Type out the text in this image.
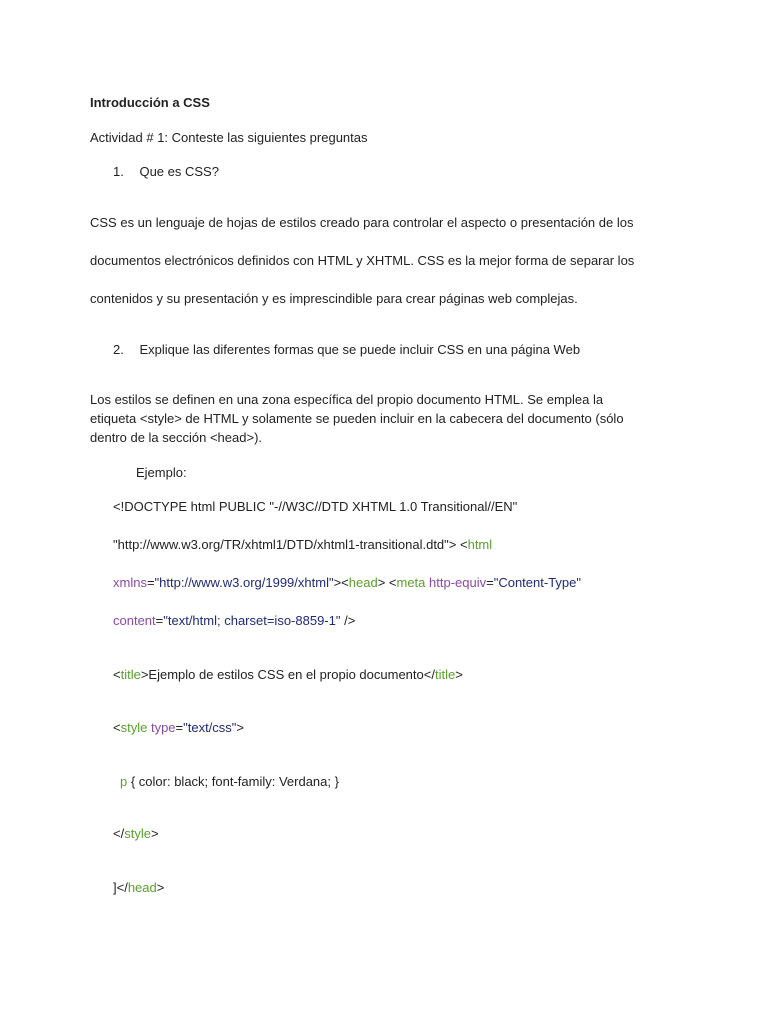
Introducción a CSS
Actividad # 1: Conteste las siguientes preguntas
1. Que es CSS?
CSS es un lenguaje de hojas de estilos creado para controlar el aspecto o presentación de los
documentos electrónicos definidos con HTML y XHTML. CSS es la mejor forma de separar los
contenidos y su presentación y es imprescindible para crear páginas web complejas.
2. Explique las diferentes formas que se puede incluir CSS en una página Web
Los estilos se definen en una zona específica del propio documento HTML. Se emplea la
etiqueta <style> de HTML y solamente se pueden incluir en la cabecera del documento (sólo
dentro de la sección <head>).
Ejemplo:
<!DOCTYPE html PUBLIC "-//W3C//DTD XHTML 1.0 Transitional//EN"
"http://www.w3.org/TR/xhtml1/DTD/xhtml1-transitional.dtd"> <html
xmlns="http://www.w3.org/1999/xhtml"><head> <meta http-equiv="Content-Type"
content="text/html; charset=iso-8859-1" />
<title>Ejemplo de estilos CSS en el propio documento</title>
<style type="text/css">
p { color: black; font-family: Verdana; }
</style>
]</head>
